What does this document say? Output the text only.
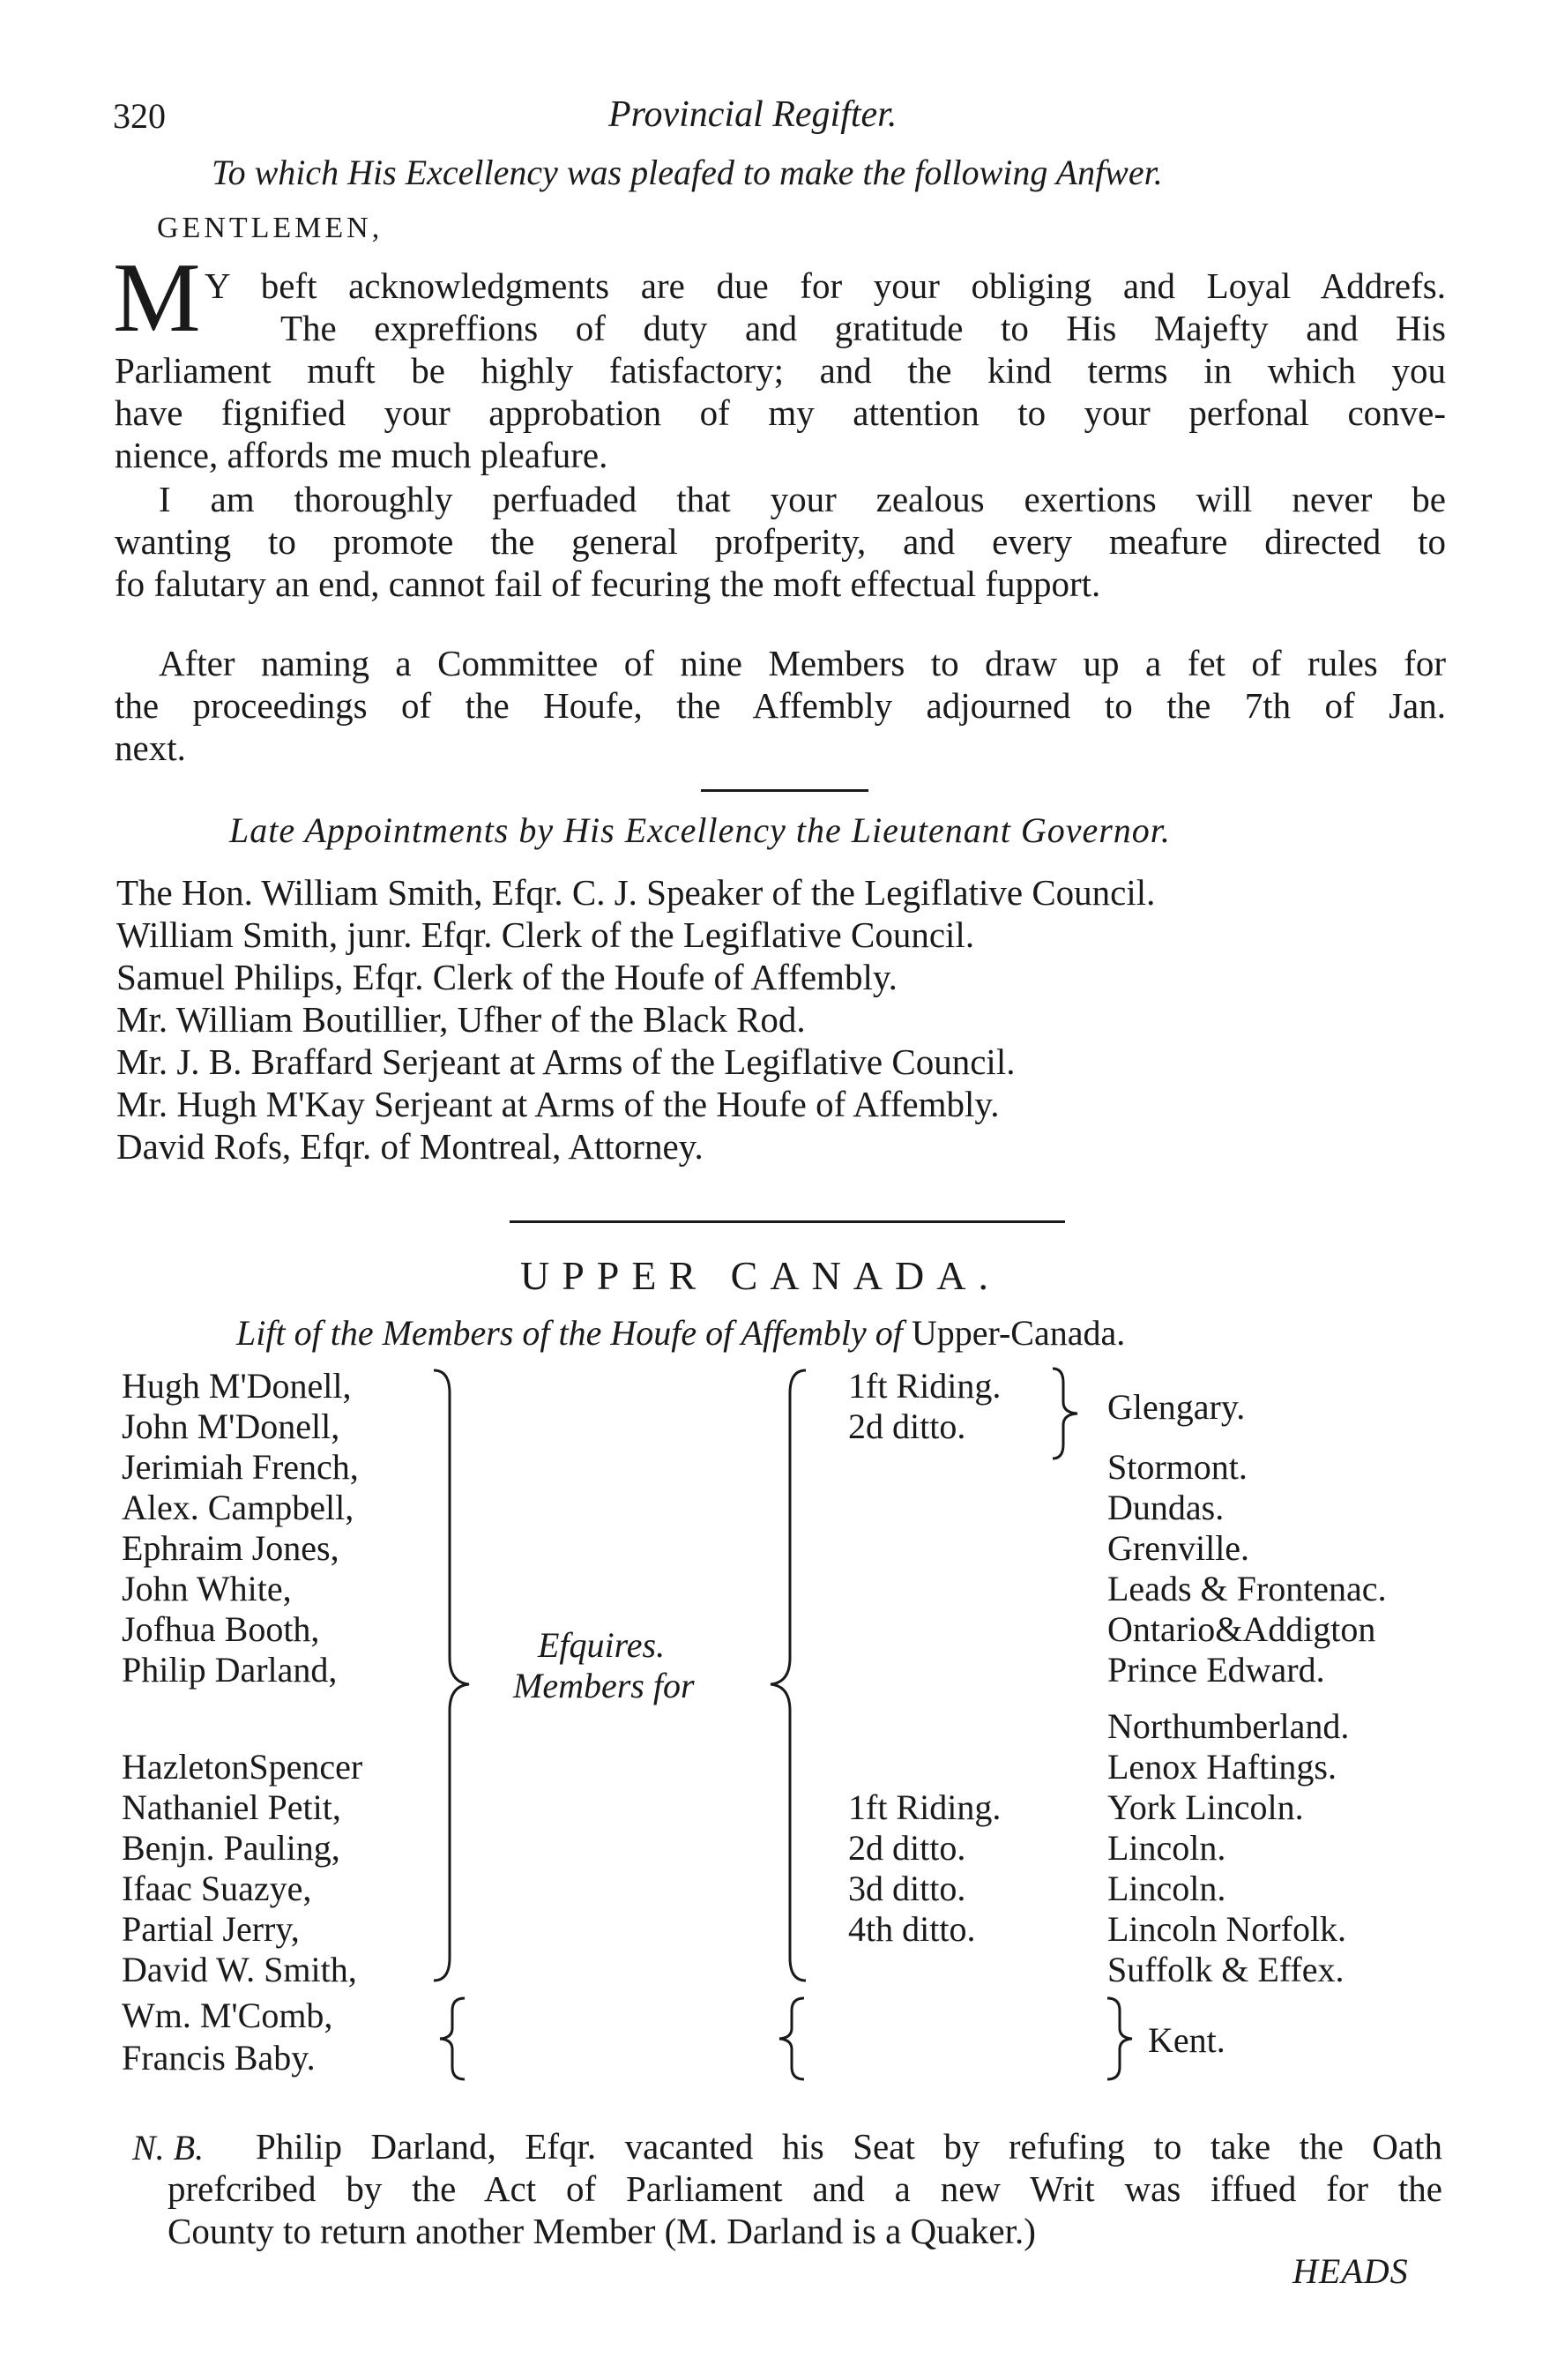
320	Provincial Regifter.
To which His Excellency was pleafed to make the following Anfwer.
GENTLEMEN,
M Y beft acknowledgments are due for your obliging and Loyal Addrefs.
The expreffions of duty and gratitude to His Majefty and His
Parliament muft be highly fatisfactory; and the kind terms in which you
have fignified your approbation of my attention to your perfonal conve-
nience, affords me much pleafure.
I am thoroughly perfuaded that your zealous exertions will never be
wanting to promote the general profperity, and every meafure directed to
fo falutary an end, cannot fail of fecuring the moft effectual fupport.
After naming a Committee of nine Members to draw up a fet of rules for
the proceedings of the Houfe, the Affembly adjourned to the 7th of Jan.
next.
Late Appointments by His Excellency the Lieutenant Governor.
The Hon. William Smith, Efqr. C. J. Speaker of the Legiflative Council.
William Smith, junr. Efqr. Clerk of the Legiflative Council.
Samuel Philips, Efqr. Clerk of the Houfe of Affembly.
Mr. William Boutillier, Ufher of the Black Rod.
Mr. J. B. Braffard Serjeant at Arms of the Legiflative Council.
Mr. Hugh M'Kay Serjeant at Arms of the Houfe of Affembly.
David Rofs, Efqr. of Montreal, Attorney.
UPPER CANADA.
Lift of the Members of the Houfe of Affembly of Upper-Canada.
Hugh M'Donell,
John M'Donell,
Jerimiah French,
Alex. Campbell,
Ephraim Jones,
John White,
Jofhua Booth,
Philip Darland,
HazletonSpencer
Nathaniel Petit,
Benjn. Pauling,
Ifaac Suazye,
Partial Jerry,
David W. Smith,
Wm. M'Comb,
Francis Baby.
Efquires.
Members for
1ft Riding.
2d ditto.
1ft Riding.
2d ditto.
3d ditto.
4th ditto.
Glengary.
Stormont.
Dundas.
Grenville.
Leads & Frontenac.
Ontario&Addigton
Prince Edward.
Northumberland.
Lenox Haftings.
York Lincoln.
Lincoln.
Lincoln.
Lincoln Norfolk.
Suffolk & Effex.
Kent.
N. B. Philip Darland, Efqr. vacanted his Seat by refufing to take the Oath
prefcribed by the Act of Parliament and a new Writ was iffued for the
County to return another Member (M. Darland is a Quaker.)
HEADS
